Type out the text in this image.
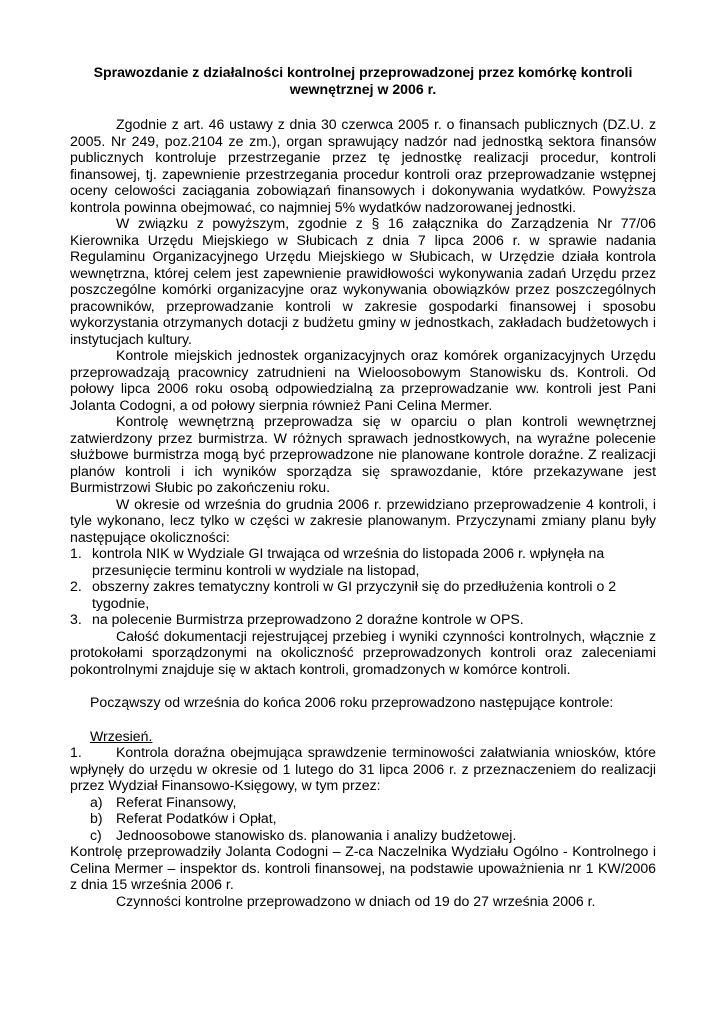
Sprawozdanie z działalności kontrolnej przeprowadzonej przez komórkę kontroli wewnętrznej w 2006 r.

Zgodnie z art. 46 ustawy z dnia 30 czerwca 2005 r. o finansach publicznych (DZ.U. z 2005. Nr 249, poz.2104 ze zm.), organ sprawujący nadzór nad jednostką sektora finansów publicznych kontroluje przestrzeganie przez tę jednostkę realizacji procedur, kontroli finansowej, tj. zapewnienie przestrzegania procedur kontroli oraz przeprowadzanie wstępnej oceny celowości zaciągania zobowiązań finansowych i dokonywania wydatków. Powyższa kontrola powinna obejmować, co najmniej 5% wydatków nadzorowanej jednostki.

W związku z powyższym, zgodnie z § 16 załącznika do Zarządzenia Nr 77/06 Kierownika Urzędu Miejskiego w Słubicach z dnia 7 lipca 2006 r. w sprawie nadania Regulaminu Organizacyjnego Urzędu Miejskiego w Słubicach, w Urzędzie działa kontrola wewnętrzna, której celem jest zapewnienie prawidłowości wykonywania zadań Urzędu przez poszczególne komórki organizacyjne oraz wykonywania obowiązków przez poszczególnych pracowników, przeprowadzanie kontroli w zakresie gospodarki finansowej i sposobu wykorzystania otrzymanych dotacji z budżetu gminy w jednostkach, zakładach budżetowych i instytucjach kultury.

Kontrole miejskich jednostek organizacyjnych oraz komórek organizacyjnych Urzędu przeprowadzają pracownicy zatrudnieni na Wieloosobowym Stanowisku ds. Kontroli. Od połowy lipca 2006 roku osobą odpowiedzialną za przeprowadzanie ww. kontroli jest Pani Jolanta Codogni, a od połowy sierpnia również Pani Celina Mermer.

Kontrolę wewnętrzną przeprowadza się w oparciu o plan kontroli wewnętrznej zatwierdzony przez burmistrza. W różnych sprawach jednostkowych, na wyraźne polecenie służbowe burmistrza mogą być przeprowadzone nie planowane kontrole doraźne. Z realizacji planów kontroli i ich wyników sporządza się sprawozdanie, które przekazywane jest Burmistrzowi Słubic po zakończeniu roku.

W okresie od września do grudnia 2006 r. przewidziano przeprowadzenie 4 kontroli, i tyle wykonano, lecz tylko w części w zakresie planowanym. Przyczynami zmiany planu były następujące okoliczności:

1. kontrola NIK w Wydziale GI trwająca od września do listopada 2006 r. wpłynęła na przesunięcie terminu kontroli w wydziale na listopad,
2. obszerny zakres tematyczny kontroli w GI przyczynił się do przedłużenia kontroli o 2 tygodnie,
3. na polecenie Burmistrza przeprowadzono 2 doraźne kontrole w OPS.

Całość dokumentacji rejestrującej przebieg i wyniki czynności kontrolnych, włącznie z protokołami sporządzonymi na okoliczność przeprowadzonych kontroli oraz zaleceniami pokontrolnymi znajduje się w aktach kontroli, gromadzonych w komórce kontroli.

Począwszy od września do końca 2006 roku przeprowadzono następujące kontrole:

Wrzesień.

1. Kontrola doraźna obejmująca sprawdzenie terminowości załatwiania wniosków, które wpłynęły do urzędu w okresie od 1 lutego do 31 lipca 2006 r. z przeznaczeniem do realizacji przez Wydział Finansowo-Księgowy, w tym przez:

a) Referat Finansowy,
b) Referat Podatków i Opłat,
c) Jednoosobowe stanowisko ds. planowania i analizy budżetowej.

Kontrolę przeprowadziły Jolanta Codogni – Z-ca Naczelnika Wydziału Ogólno - Kontrolnego i Celina Mermer – inspektor ds. kontroli finansowej, na podstawie upoważnienia nr 1 KW/2006 z dnia 15 września 2006 r.

Czynności kontrolne przeprowadzono w dniach od 19 do 27 września 2006 r.
